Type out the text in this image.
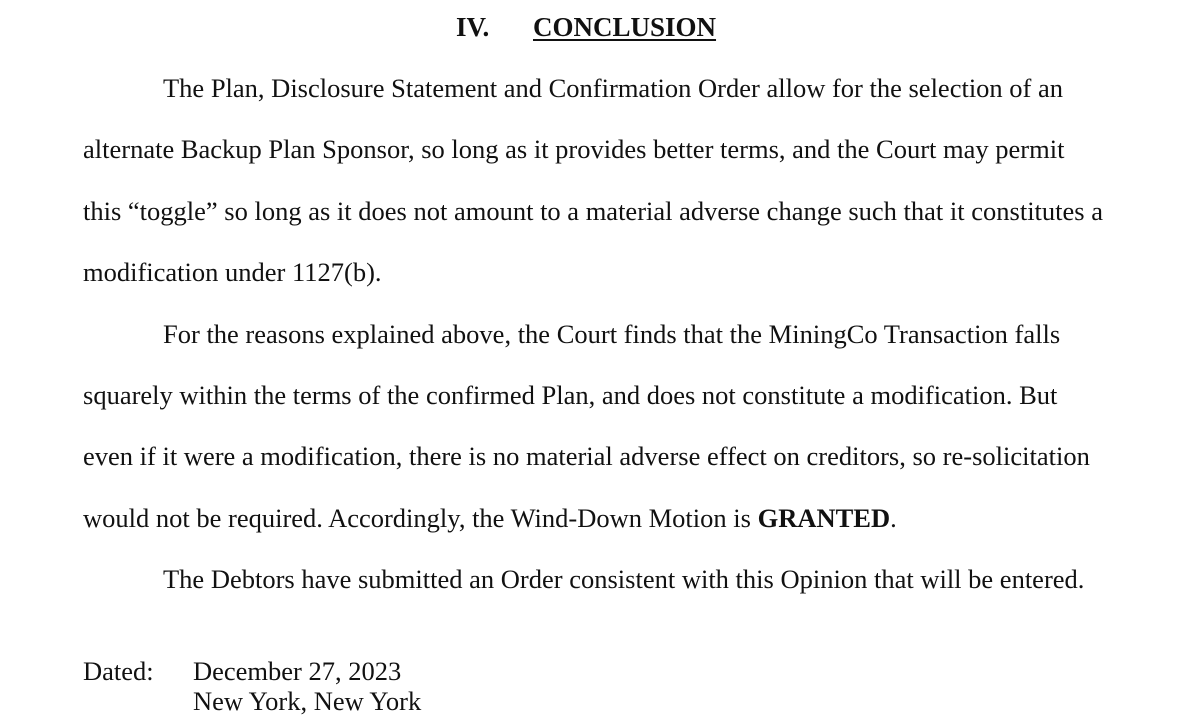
IV. CONCLUSION

The Plan, Disclosure Statement and Confirmation Order allow for the selection of an

alternate Backup Plan Sponsor, so long as it provides better terms, and the Court may permit

this “toggle” so long as it does not amount to a material adverse change such that it constitutes a

modification under 1127(b).

For the reasons explained above, the Court finds that the MiningCo Transaction falls

squarely within the terms of the confirmed Plan, and does not constitute a modification. But

even if it were a modification, there is no material adverse effect on creditors, so re-solicitation

would not be required. Accordingly, the Wind-Down Motion is GRANTED.

The Debtors have submitted an Order consistent with this Opinion that will be entered.

Dated: December 27, 2023
New York, New York
